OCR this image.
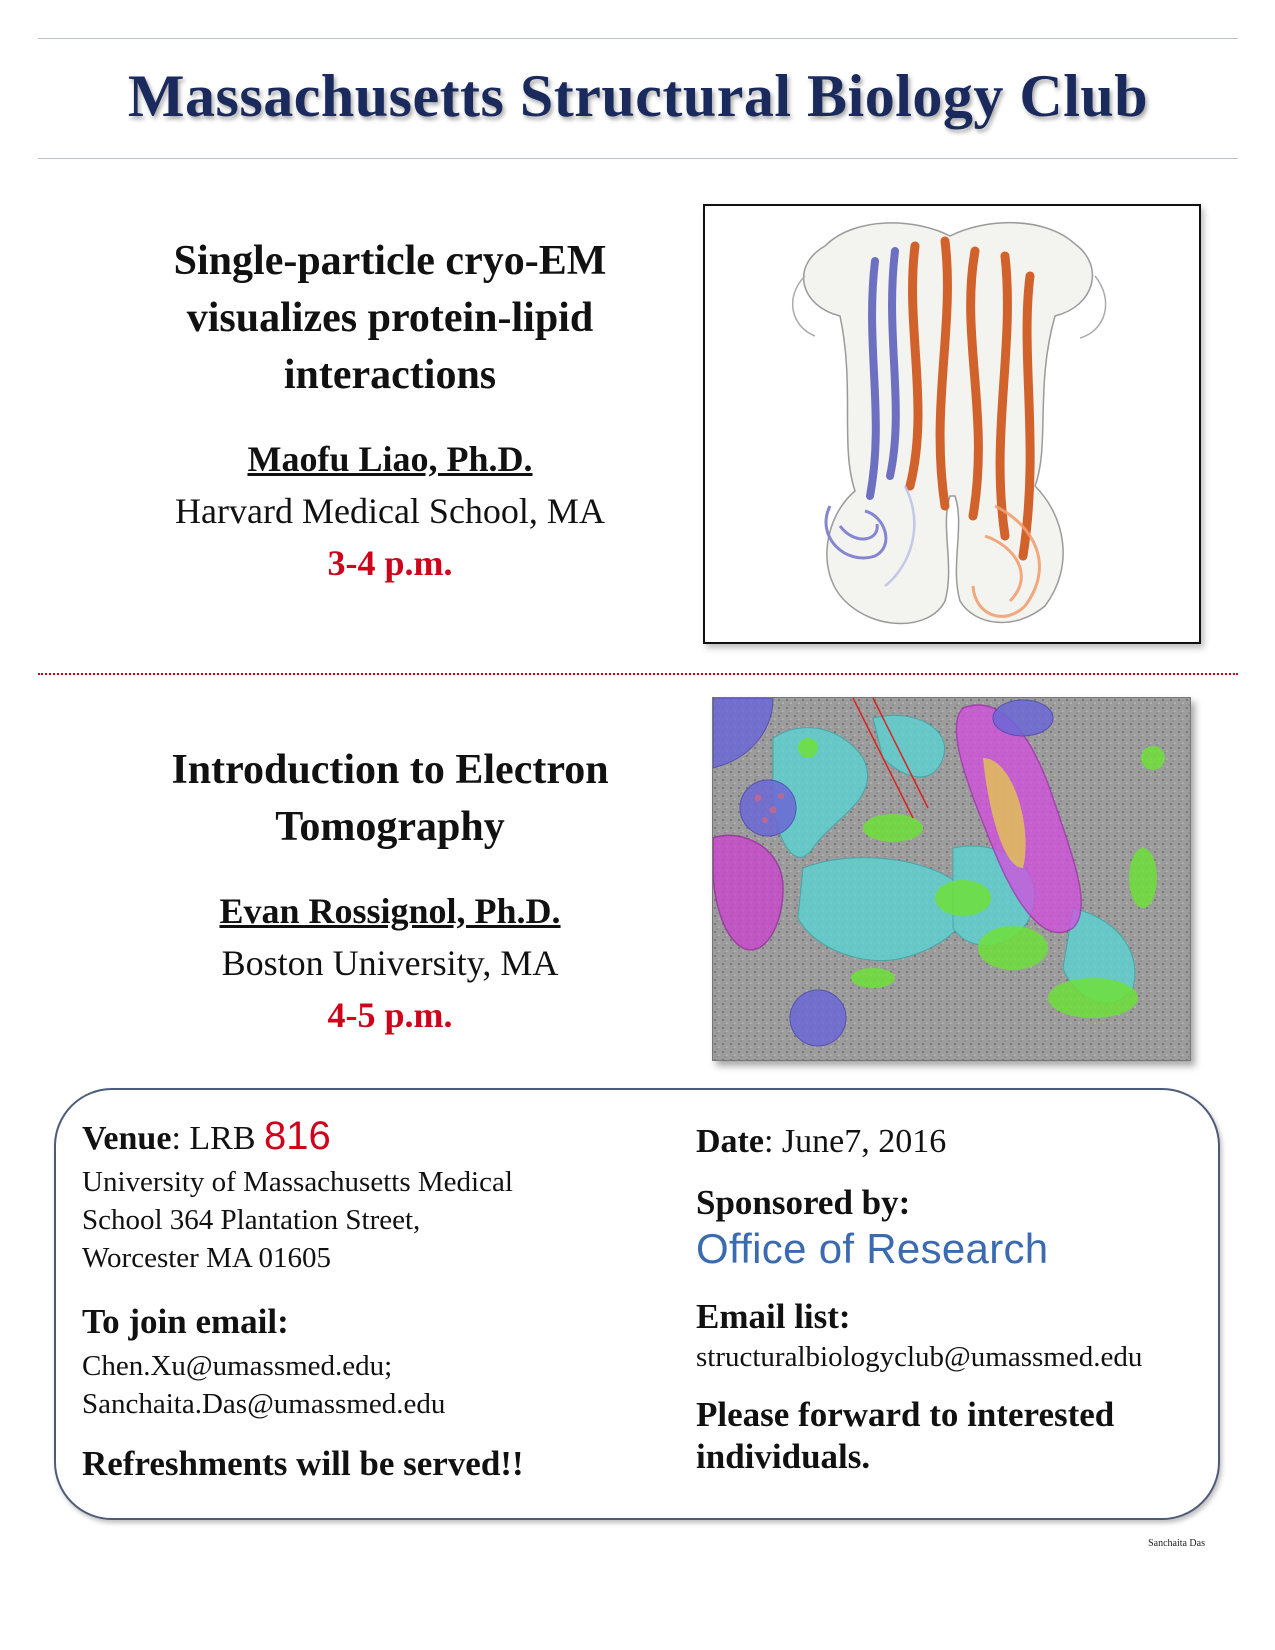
Massachusetts Structural Biology Club
Single-particle cryo-EM
visualizes protein-lipid
interactions
Maofu Liao, Ph.D.
Harvard Medical School, MA
3-4 p.m.
Introduction to Electron
Tomography
Evan Rossignol, Ph.D.
Boston University, MA
4-5 p.m.
Venue: LRB 816
University of Massachusetts Medical
School 364 Plantation Street,
Worcester MA 01605
To join email:
Chen.Xu@umassmed.edu;
Sanchaita.Das@umassmed.edu
Refreshments will be served!!
Date: June7, 2016
Sponsored by:
Office of Research
Email list:
structuralbiologyclub@umassmed.edu
Please forward to interested
individuals.
Sanchaita Das
